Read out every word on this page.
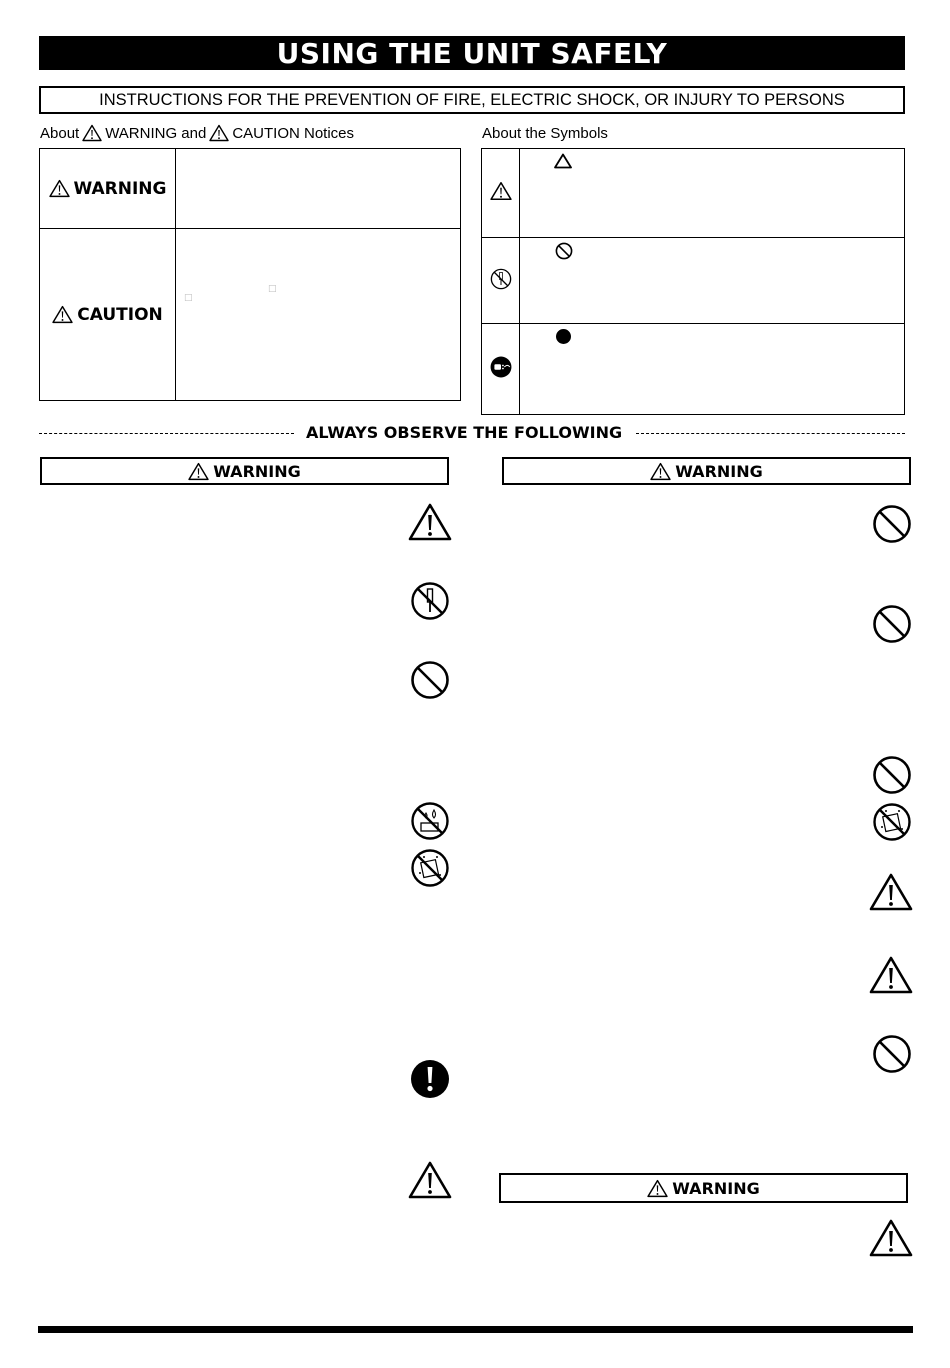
USING THE UNIT SAFELY
INSTRUCTIONS FOR THE PREVENTION OF FIRE, ELECTRIC SHOCK, OR INJURY TO PERSONS
About WARNING and CAUTION Notices	About the Symbols
WARNING	

CAUTION	□
□

ALWAYS OBSERVE THE FOLLOWING
WARNING	WARNING
WARNING
